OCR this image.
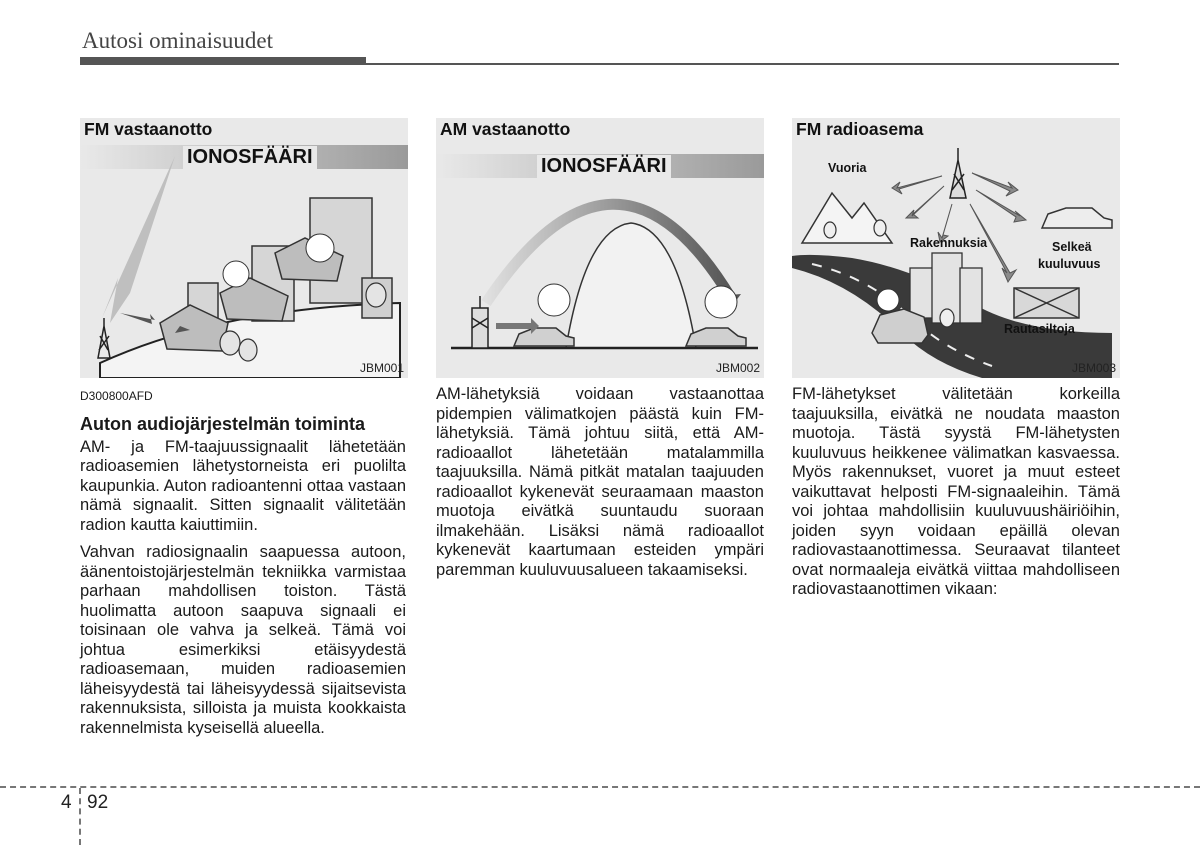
Autosi ominaisuudet
FM vastaanotto
IONOSFÄÄRI
JBM001
AM vastaanotto
IONOSFÄÄRI
JBM002
FM radioasema
Vuoria
Rakennuksia	Selkeä
kuuluvuus
Rautasiltoja
JBM003
D300800AFD
Auton audiojärjestelmän toiminta

AM- ja FM-taajuussignaalit lähetetään radioasemien lähetystorneista eri puolilta kaupunkia. Auton radioantenni ottaa vastaan nämä signaalit. Sitten signaalit välitetään radion kautta kaiuttimiin.

Vahvan radiosignaalin saapuessa autoon, äänentoistojärjestelmän tekniikka varmistaa parhaan mahdollisen toiston. Tästä huolimatta autoon saapuva signaali ei toisinaan ole vahva ja selkeä. Tämä voi johtua esimerkiksi etäisyydestä radioasemaan, muiden radioasemien läheisyydestä tai läheisyydessä sijaitsevista rakennuksista, silloista ja muista kookkaista rakennelmista kyseisellä alueella.

AM-lähetyksiä voidaan vastaanottaa pidempien välimatkojen päästä kuin FM-lähetyksiä. Tämä johtuu siitä, että AM-radioaallot lähetetään matalammilla taajuuksilla. Nämä pitkät matalan taajuuden radioaallot kykenevät seuraamaan maaston muotoja eivätkä suuntaudu suoraan ilmakehään. Lisäksi nämä radioaallot kykenevät kaartumaan esteiden ympäri paremman kuuluvuusalueen takaamiseksi.

FM-lähetykset välitetään korkeilla taajuuksilla, eivätkä ne noudata maaston muotoja. Tästä syystä FM-lähetysten kuuluvuus heikkenee välimatkan kasvaessa. Myös rakennukset, vuoret ja muut esteet vaikuttavat helposti FM-signaaleihin. Tämä voi johtaa mahdollisiin kuuluvuushäiriöihin, joiden syyn voidaan epäillä olevan radiovastaanottimessa. Seuraavat tilanteet ovat normaaleja eivätkä viittaa mahdolliseen radiovastaanottimen vikaan:

4 92
